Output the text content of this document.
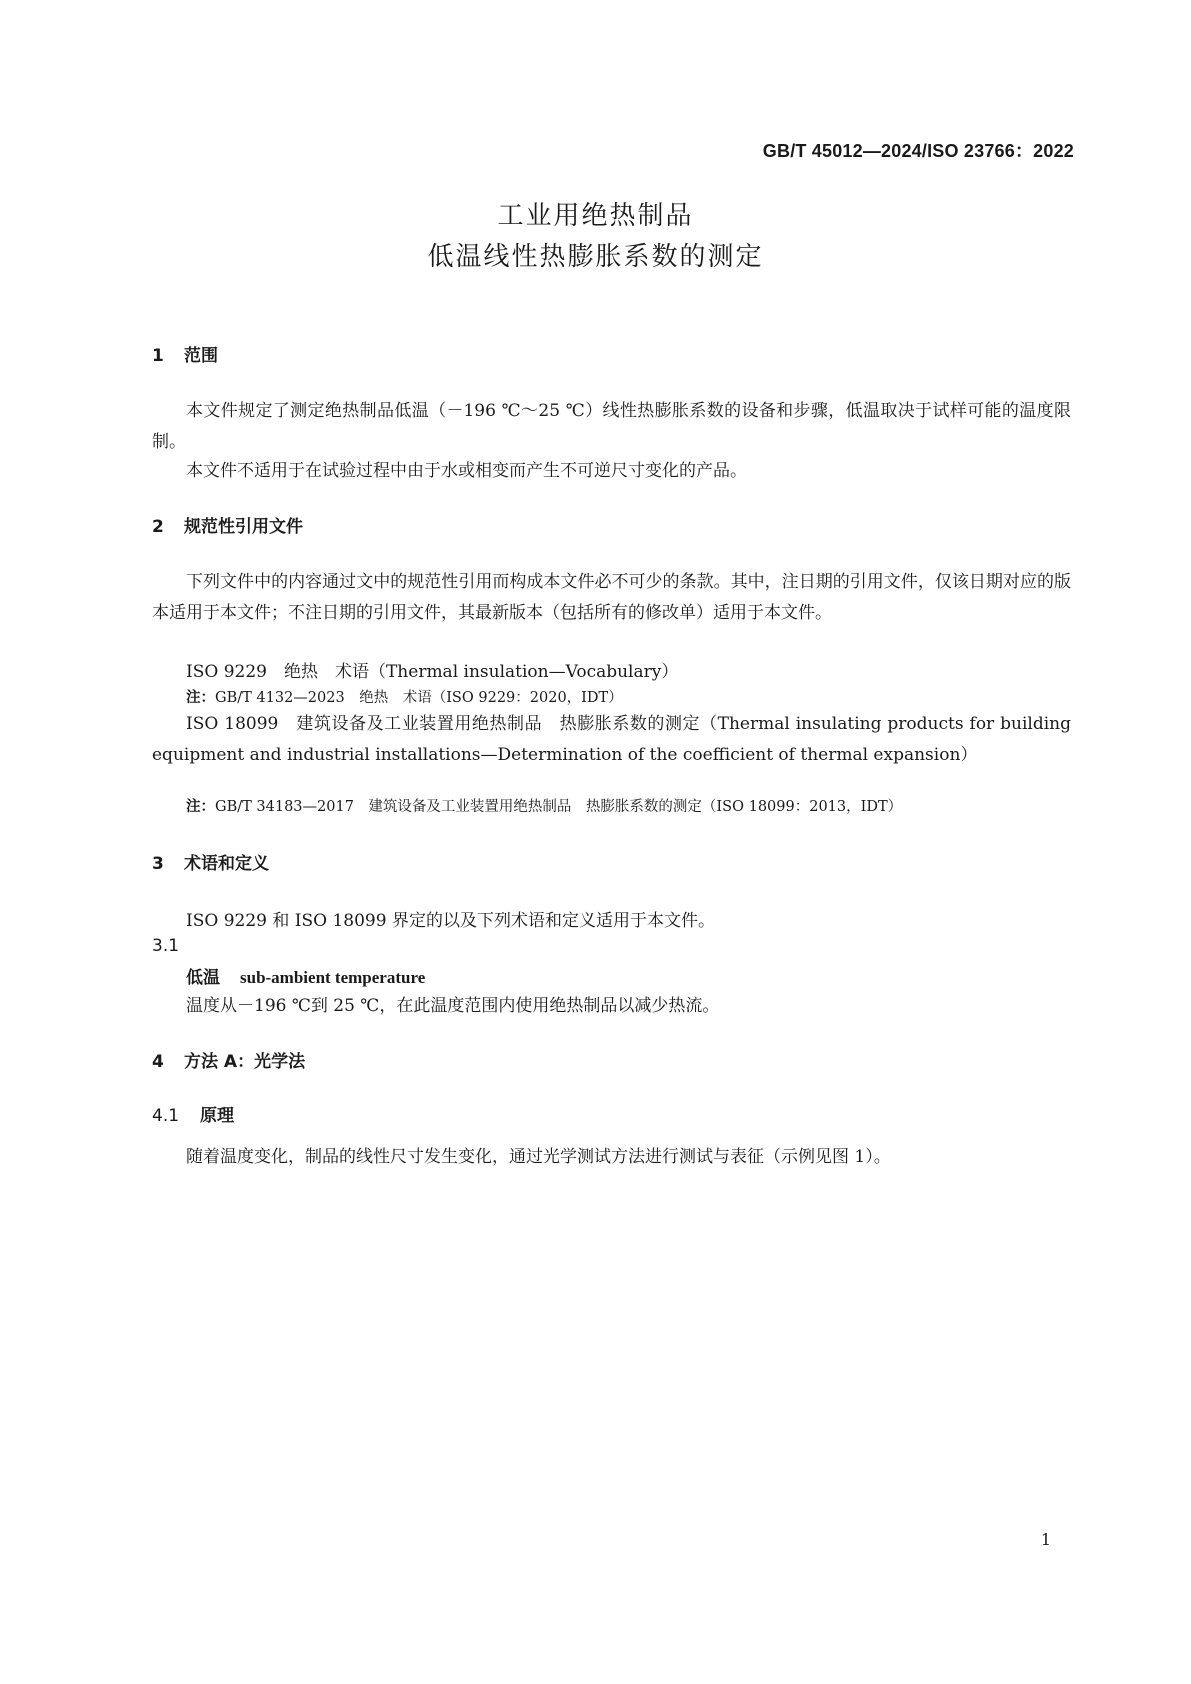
GB/T 45012—2024/ISO 23766：2022
工业用绝热制品
低温线性热膨胀系数的测定
1 范围
本文件规定了测定绝热制品低温（－196 ℃～25 ℃）线性热膨胀系数的设备和步骤，低温取决于试样可能的温度限制。
本文件不适用于在试验过程中由于水或相变而产生不可逆尺寸变化的产品。
2 规范性引用文件
下列文件中的内容通过文中的规范性引用而构成本文件必不可少的条款。其中，注日期的引用文件，仅该日期对应的版本适用于本文件；不注日期的引用文件，其最新版本（包括所有的修改单）适用于本文件。
ISO 9229　绝热　术语（Thermal insulation—Vocabulary）
注：GB/T 4132—2023　绝热　术语（ISO 9229：2020，IDT）
ISO 18099　建筑设备及工业装置用绝热制品　热膨胀系数的测定（Thermal insulating products for building equipment and industrial installations—Determination of the coefficient of thermal expansion）
注：GB/T 34183—2017　建筑设备及工业装置用绝热制品　热膨胀系数的测定（ISO 18099：2013，IDT）
3 术语和定义
ISO 9229 和 ISO 18099 界定的以及下列术语和定义适用于本文件。
3.1
低温 sub-ambient temperature
温度从－196 ℃到 25 ℃，在此温度范围内使用绝热制品以减少热流。
4 方法 A：光学法
4.1 原理
随着温度变化，制品的线性尺寸发生变化，通过光学测试方法进行测试与表征（示例见图 1）。
1
